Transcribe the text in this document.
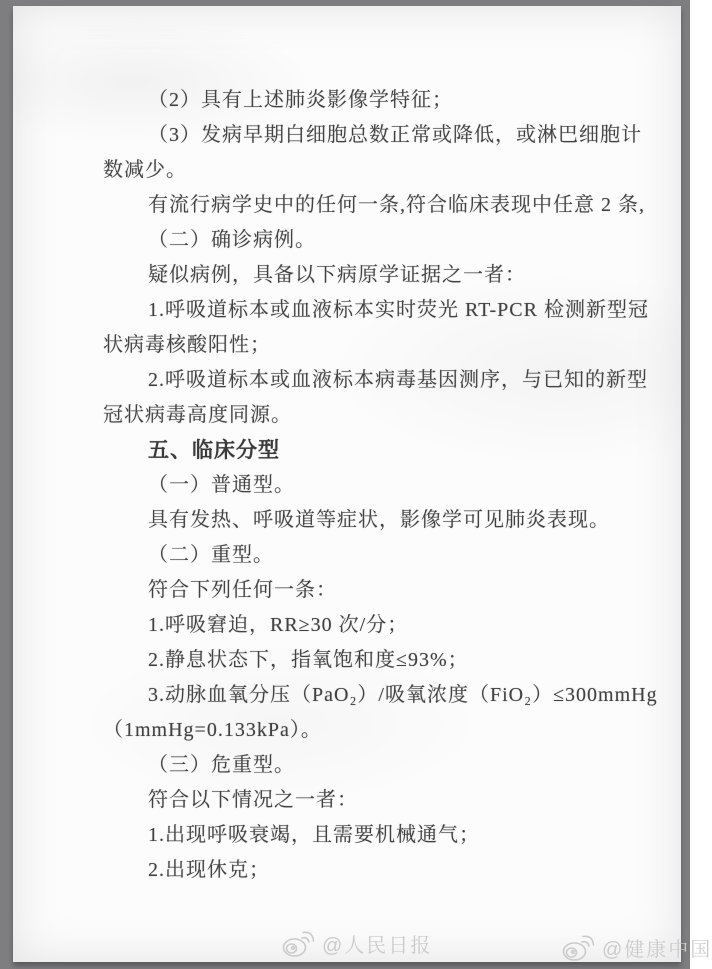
（2）具有上述肺炎影像学特征；
（3）发病早期白细胞总数正常或降低，或淋巴细胞计
数减少。
有流行病学史中的任何一条,符合临床表现中任意 2 条,
（二）确诊病例。
疑似病例，具备以下病原学证据之一者：
1.呼吸道标本或血液标本实时荧光 RT-PCR 检测新型冠
状病毒核酸阳性；
2.呼吸道标本或血液标本病毒基因测序，与已知的新型
冠状病毒高度同源。
五、临床分型
（一）普通型。
具有发热、呼吸道等症状，影像学可见肺炎表现。
（二）重型。
符合下列任何一条：
1.呼吸窘迫，RR≥30 次/分；
2.静息状态下，指氧饱和度≤93%；
3.动脉血氧分压（PaO₂）/吸氧浓度（FiO₂）≤300mmHg
（1mmHg=0.133kPa）。
（三）危重型。
符合以下情况之一者：
1.出现呼吸衰竭，且需要机械通气；
2.出现休克；
@人民日报	@健康中国
